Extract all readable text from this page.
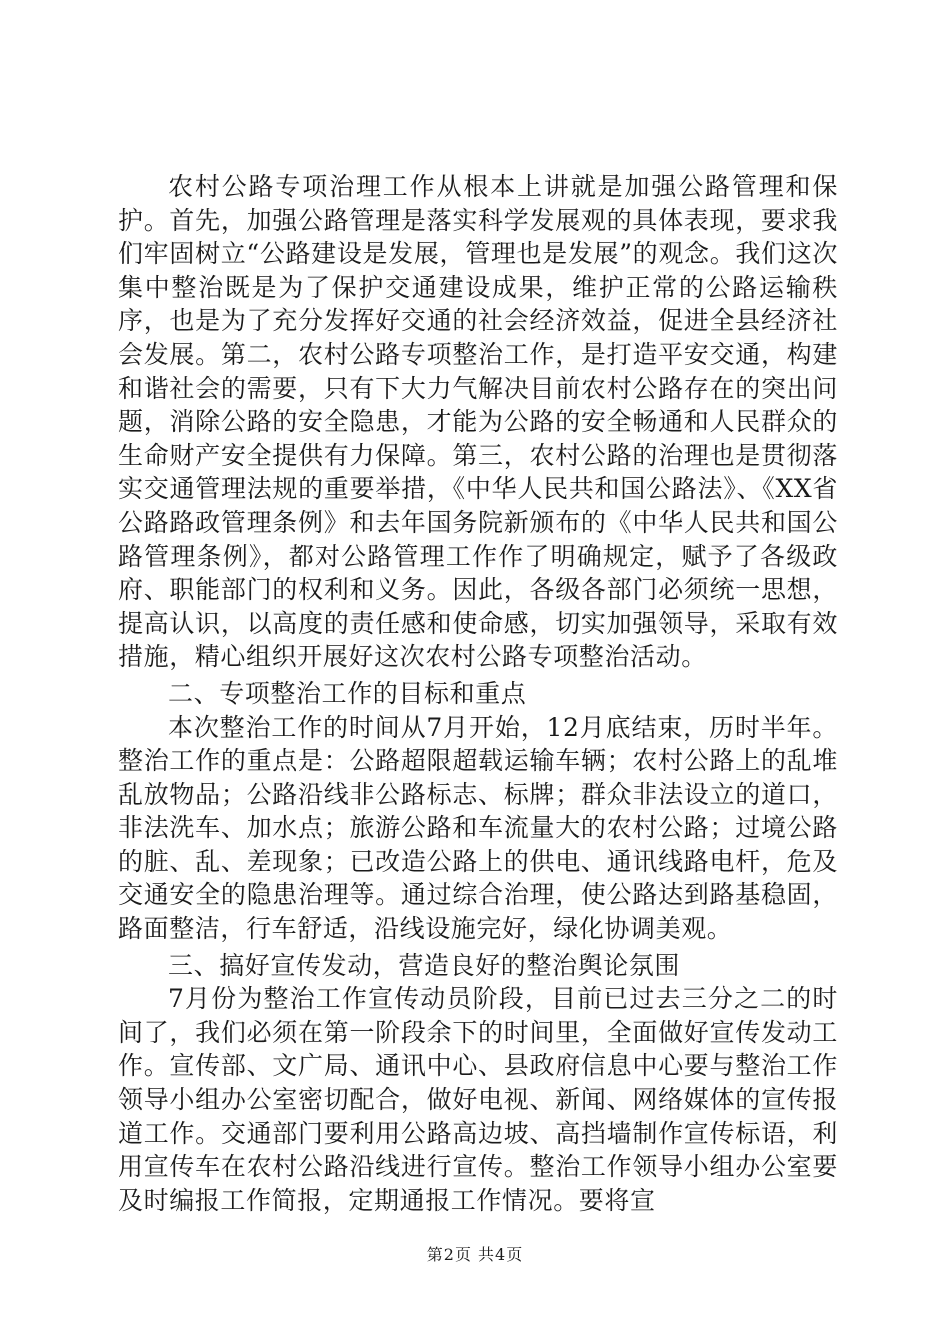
农村公路专项治理工作从根本上讲就是加强公路管理和保护。首先，加强公路管理是落实科学发展观的具体表现，要求我们牢固树立“公路建设是发展，管理也是发展”的观念。我们这次集中整治既是为了保护交通建设成果，维护正常的公路运输秩序，也是为了充分发挥好交通的社会经济效益，促进全县经济社会发展。第二，农村公路专项整治工作，是打造平安交通，构建和谐社会的需要，只有下大力气解决目前农村公路存在的突出问题，消除公路的安全隐患，才能为公路的安全畅通和人民群众的生命财产安全提供有力保障。第三，农村公路的治理也是贯彻落实交通管理法规的重要举措，《中华人民共和国公路法》、《XX省公路路政管理条例》和去年国务院新颁布的《中华人民共和国公路管理条例》，都对公路管理工作作了明确规定，赋予了各级政府、职能部门的权利和义务。因此，各级各部门必须统一思想，提高认识，以高度的责任感和使命感，切实加强领导，采取有效措施，精心组织开展好这次农村公路专项整治活动。

二、专项整治工作的目标和重点

本次整治工作的时间从7月开始，12月底结束，历时半年。整治工作的重点是：公路超限超载运输车辆；农村公路上的乱堆乱放物品；公路沿线非公路标志、标牌；群众非法设立的道口，非法洗车、加水点；旅游公路和车流量大的农村公路；过境公路的脏、乱、差现象；已改造公路上的供电、通讯线路电杆，危及交通安全的隐患治理等。通过综合治理，使公路达到路基稳固，路面整洁，行车舒适，沿线设施完好，绿化协调美观。

三、搞好宣传发动，营造良好的整治舆论氛围

7月份为整治工作宣传动员阶段，目前已过去三分之二的时间了，我们必须在第一阶段余下的时间里，全面做好宣传发动工作。宣传部、文广局、通讯中心、县政府信息中心要与整治工作领导小组办公室密切配合，做好电视、新闻、网络媒体的宣传报道工作。交通部门要利用公路高边坡、高挡墙制作宣传标语，利用宣传车在农村公路沿线进行宣传。整治工作领导小组办公室要及时编报工作简报，定期通报工作情况。要将宣

第2页 共4页
